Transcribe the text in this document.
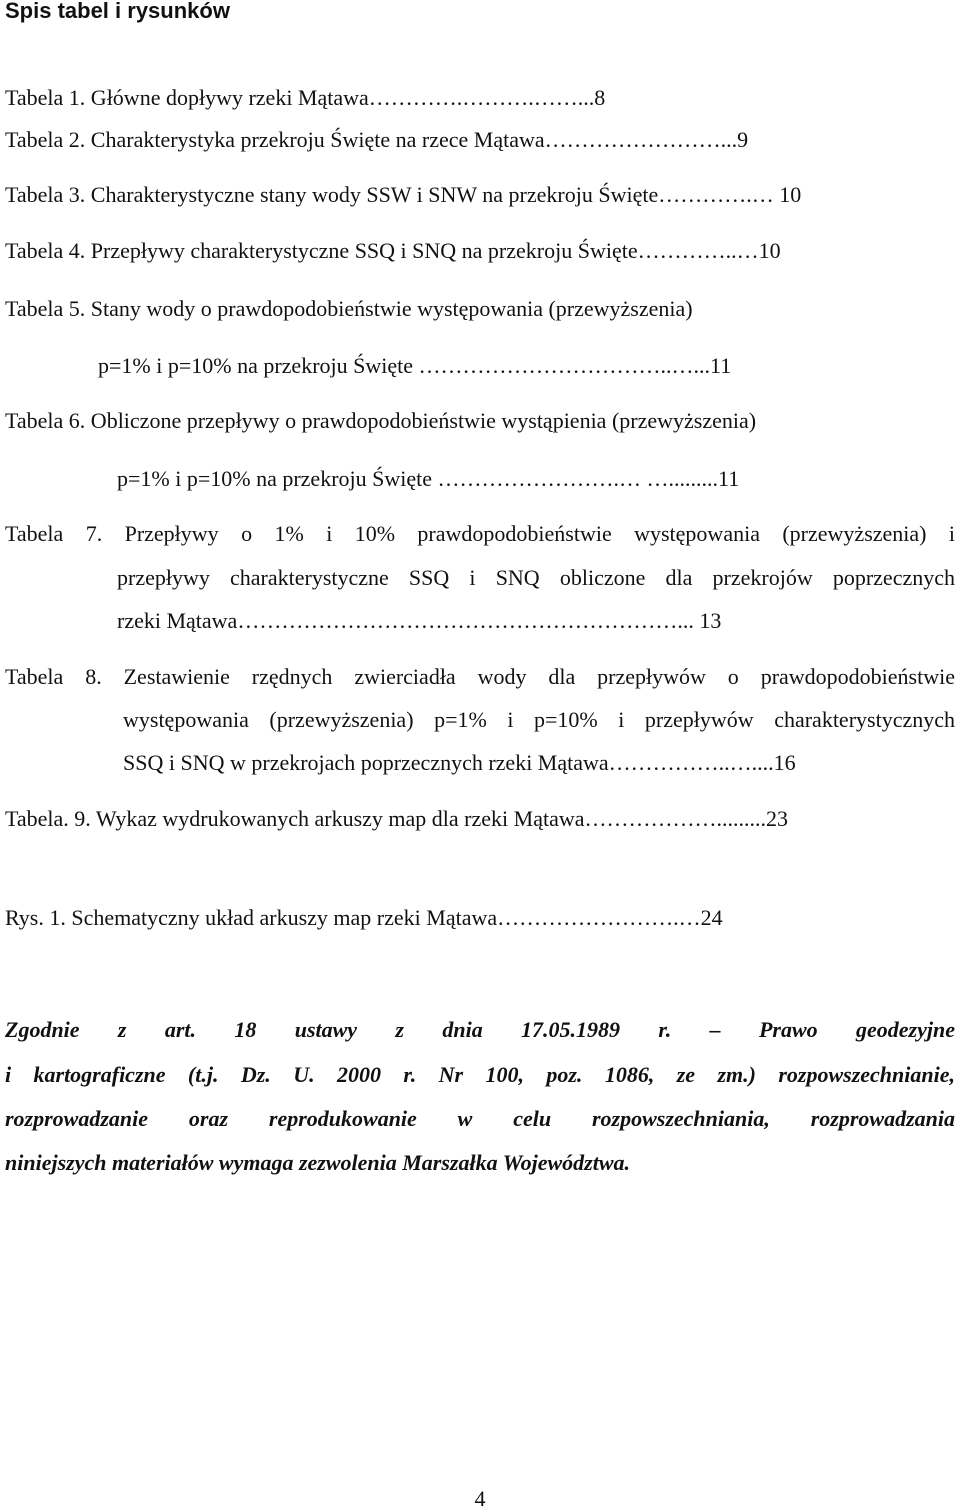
Spis tabel i rysunków
Tabela 1. Główne dopływy rzeki Mątawa………….……….……...8
Tabela 2. Charakterystyka przekroju Święte na rzece Mątawa……………………...9
Tabela 3. Charakterystyczne stany wody SSW i SNW na przekroju Święte………….… 10
Tabela 4. Przepływy charakterystyczne SSQ i SNQ na przekroju Święte…………..…10
Tabela 5. Stany wody o prawdopodobieństwie występowania (przewyższenia)
p=1% i p=10% na przekroju Święte ……………………………..…...11
Tabela 6. Obliczone przepływy o prawdopodobieństwie wystąpienia (przewyższenia)
p=1% i p=10% na przekroju Święte …………………….… ….........11
Tabela 7. Przepływy o 1% i 10% prawdopodobieństwie występowania (przewyższenia) i
przepływy charakterystyczne SSQ i SNQ obliczone dla przekrojów poprzecznych
rzeki Mątawa……………………………………………………... 13
Tabela 8. Zestawienie rzędnych zwierciadła wody dla przepływów o prawdopodobieństwie
występowania (przewyższenia) p=1% i p=10% i przepływów charakterystycznych
SSQ i SNQ w przekrojach poprzecznych rzeki Mątawa……………..…....16
Tabela. 9. Wykaz wydrukowanych arkuszy map dla rzeki Mątawa……………….........23
Rys. 1. Schematyczny układ arkuszy map rzeki Mątawa…………………….…24
Zgodnie z art. 18 ustawy z dnia 17.05.1989 r. – Prawo geodezyjne
i kartograficzne (t.j. Dz. U. 2000 r. Nr 100, poz. 1086, ze zm.) rozpowszechnianie,
rozprowadzanie oraz reprodukowanie w celu rozpowszechniania, rozprowadzania
niniejszych materiałów wymaga zezwolenia Marszałka Województwa.
4
